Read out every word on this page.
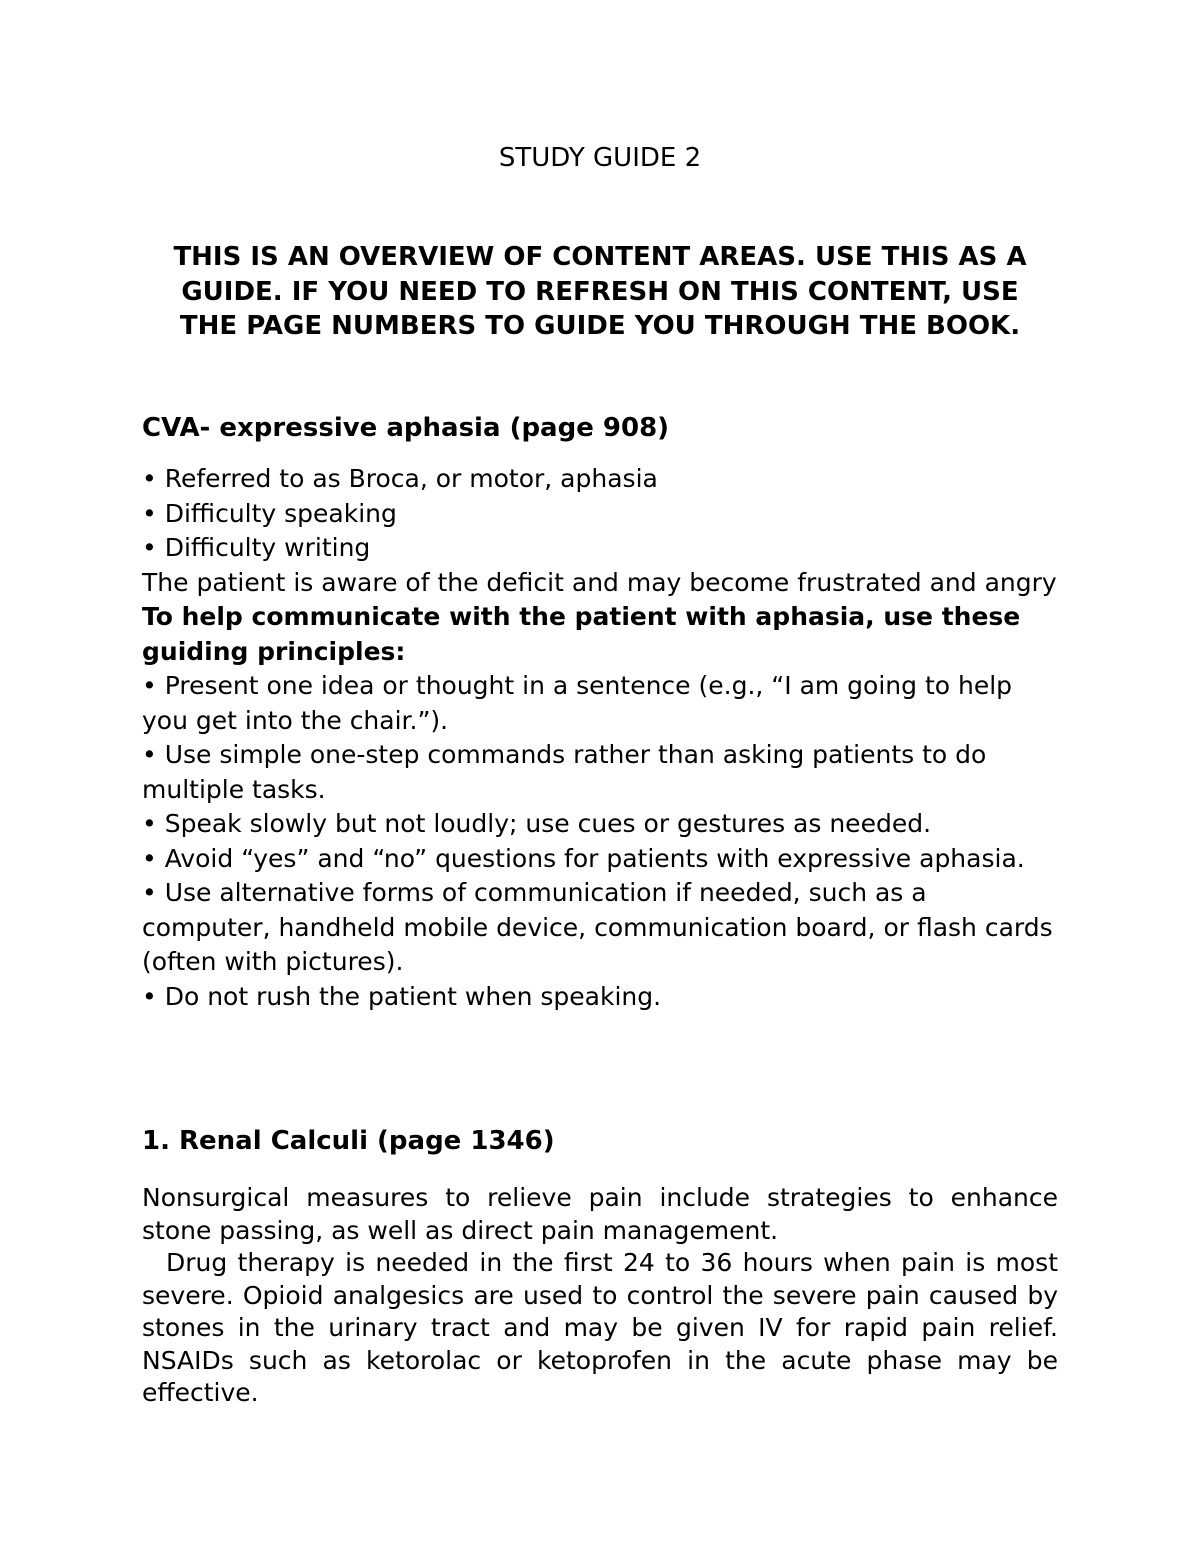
STUDY GUIDE 2
THIS IS AN OVERVIEW OF CONTENT AREAS. USE THIS AS A
GUIDE. IF YOU NEED TO REFRESH ON THIS CONTENT, USE
THE PAGE NUMBERS TO GUIDE YOU THROUGH THE BOOK.
CVA- expressive aphasia (page 908)

• Referred to as Broca, or motor, aphasia

• Difficulty speaking

• Difficulty writing

The patient is aware of the deficit and may become frustrated and angry

To help communicate with the patient with aphasia, use these guiding principles:

• Present one idea or thought in a sentence (e.g., “I am going to help you get into the chair.”).

• Use simple one-step commands rather than asking patients to do multiple tasks.

• Speak slowly but not loudly; use cues or gestures as needed.

• Avoid “yes” and “no” questions for patients with expressive aphasia.

• Use alternative forms of communication if needed, such as a computer, handheld mobile device, communication board, or flash cards (often with pictures).

• Do not rush the patient when speaking.

1. Renal Calculi (page 1346)

Nonsurgical measures to relieve pain include strategies to enhance stone passing, as well as direct pain management.

Drug therapy is needed in the first 24 to 36 hours when pain is most severe. Opioid analgesics are used to control the severe pain caused by stones in the urinary tract and may be given IV for rapid pain relief. NSAIDs such as ketorolac or ketoprofen in the acute phase may be effective.
